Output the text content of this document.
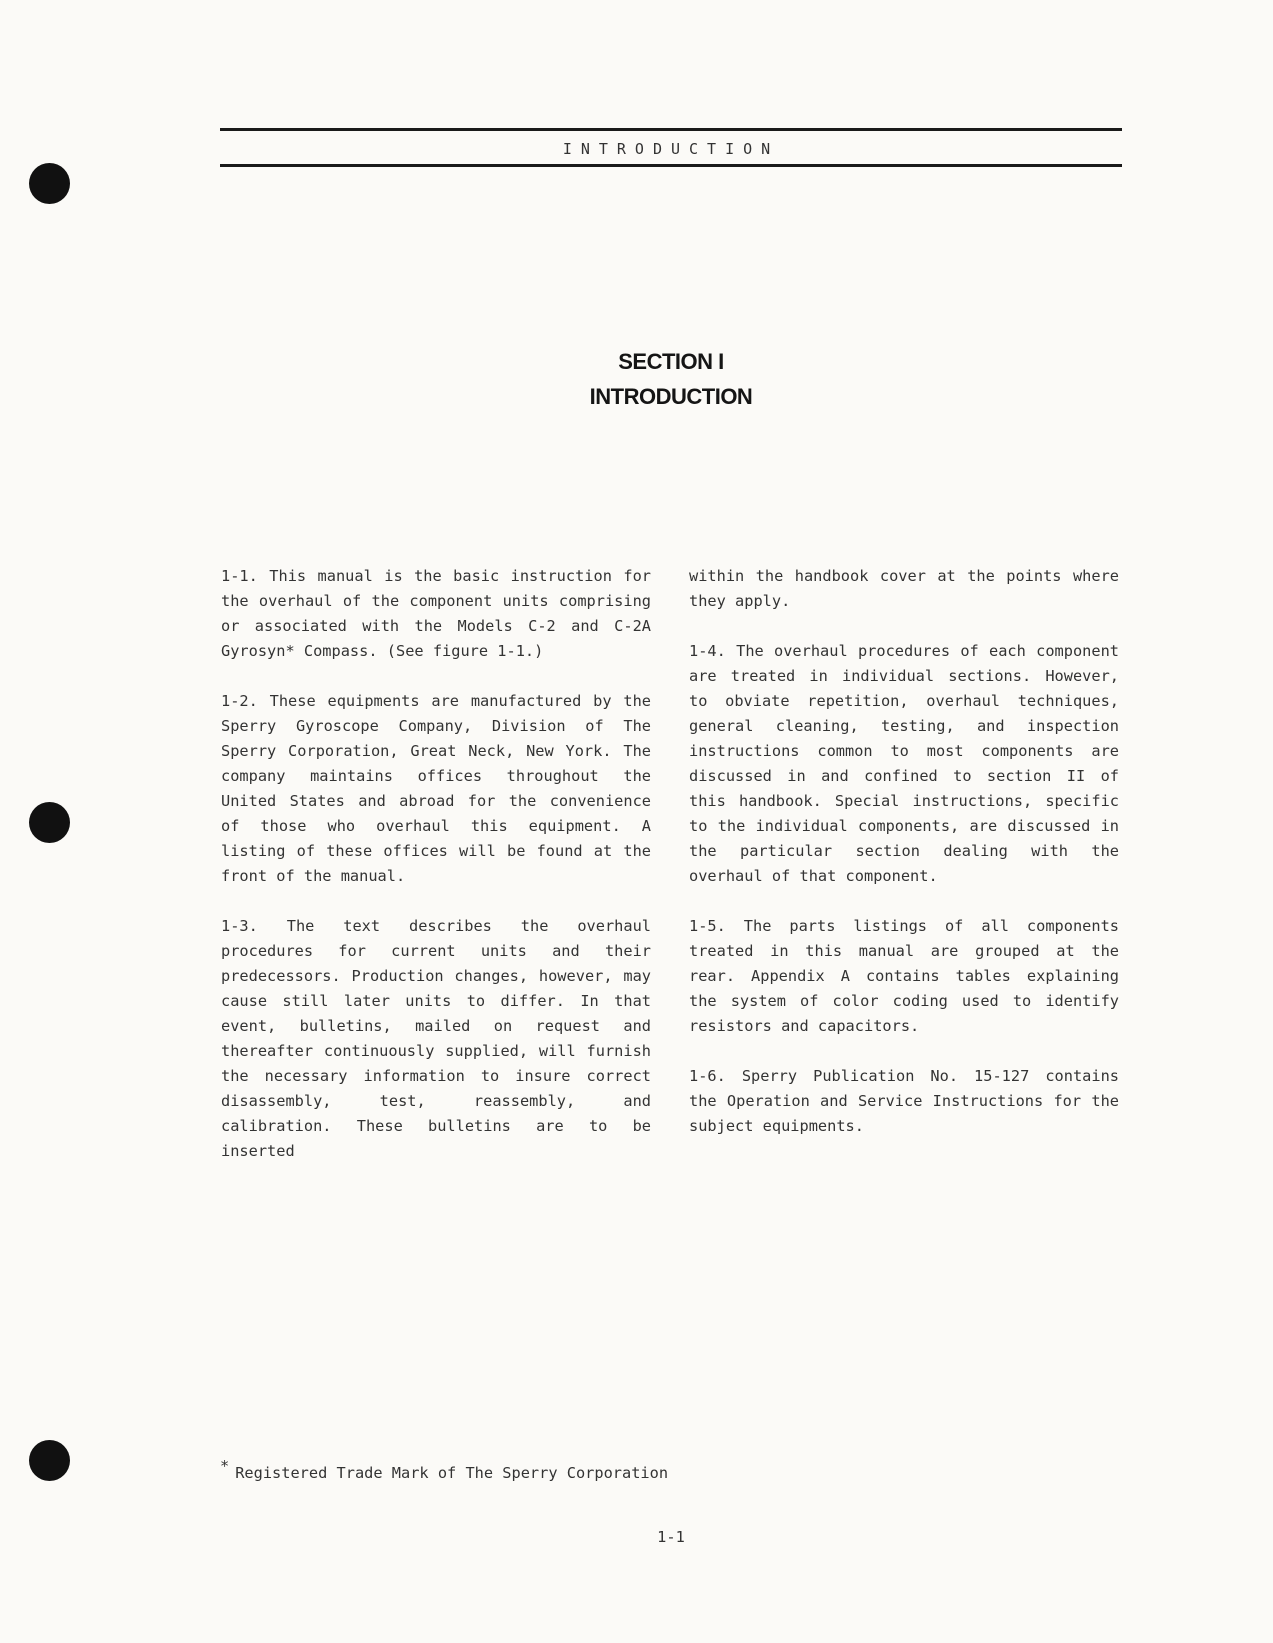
INTRODUCTION
SECTION I
INTRODUCTION

1-1. This manual is the basic instruction for the overhaul of the component units comprising or associated with the Models C-2 and C-2A Gyrosyn* Compass. (See figure 1-1.)

1-2. These equipments are manufactured by the Sperry Gyroscope Company, Division of The Sperry Corporation, Great Neck, New York. The company maintains offices throughout the United States and abroad for the convenience of those who overhaul this equipment. A listing of these offices will be found at the front of the manual.

1-3. The text describes the overhaul procedures for current units and their predecessors. Production changes, however, may cause still later units to differ. In that event, bulletins, mailed on request and thereafter continuously supplied, will furnish the necessary information to insure correct disassembly, test, reassembly, and calibration. These bulletins are to be inserted

within the handbook cover at the points where they apply.

1-4. The overhaul procedures of each component are treated in individual sections. However, to obviate repetition, overhaul techniques, general cleaning, testing, and inspection instructions common to most components are discussed in and confined to section II of this handbook. Special instructions, specific to the individual components, are discussed in the particular section dealing with the overhaul of that component.

1-5. The parts listings of all components treated in this manual are grouped at the rear. Appendix A contains tables explaining the system of color coding used to identify resistors and capacitors.

1-6. Sperry Publication No. 15-127 contains the Operation and Service Instructions for the subject equipments.

* Registered Trade Mark of The Sperry Corporation
1-1
